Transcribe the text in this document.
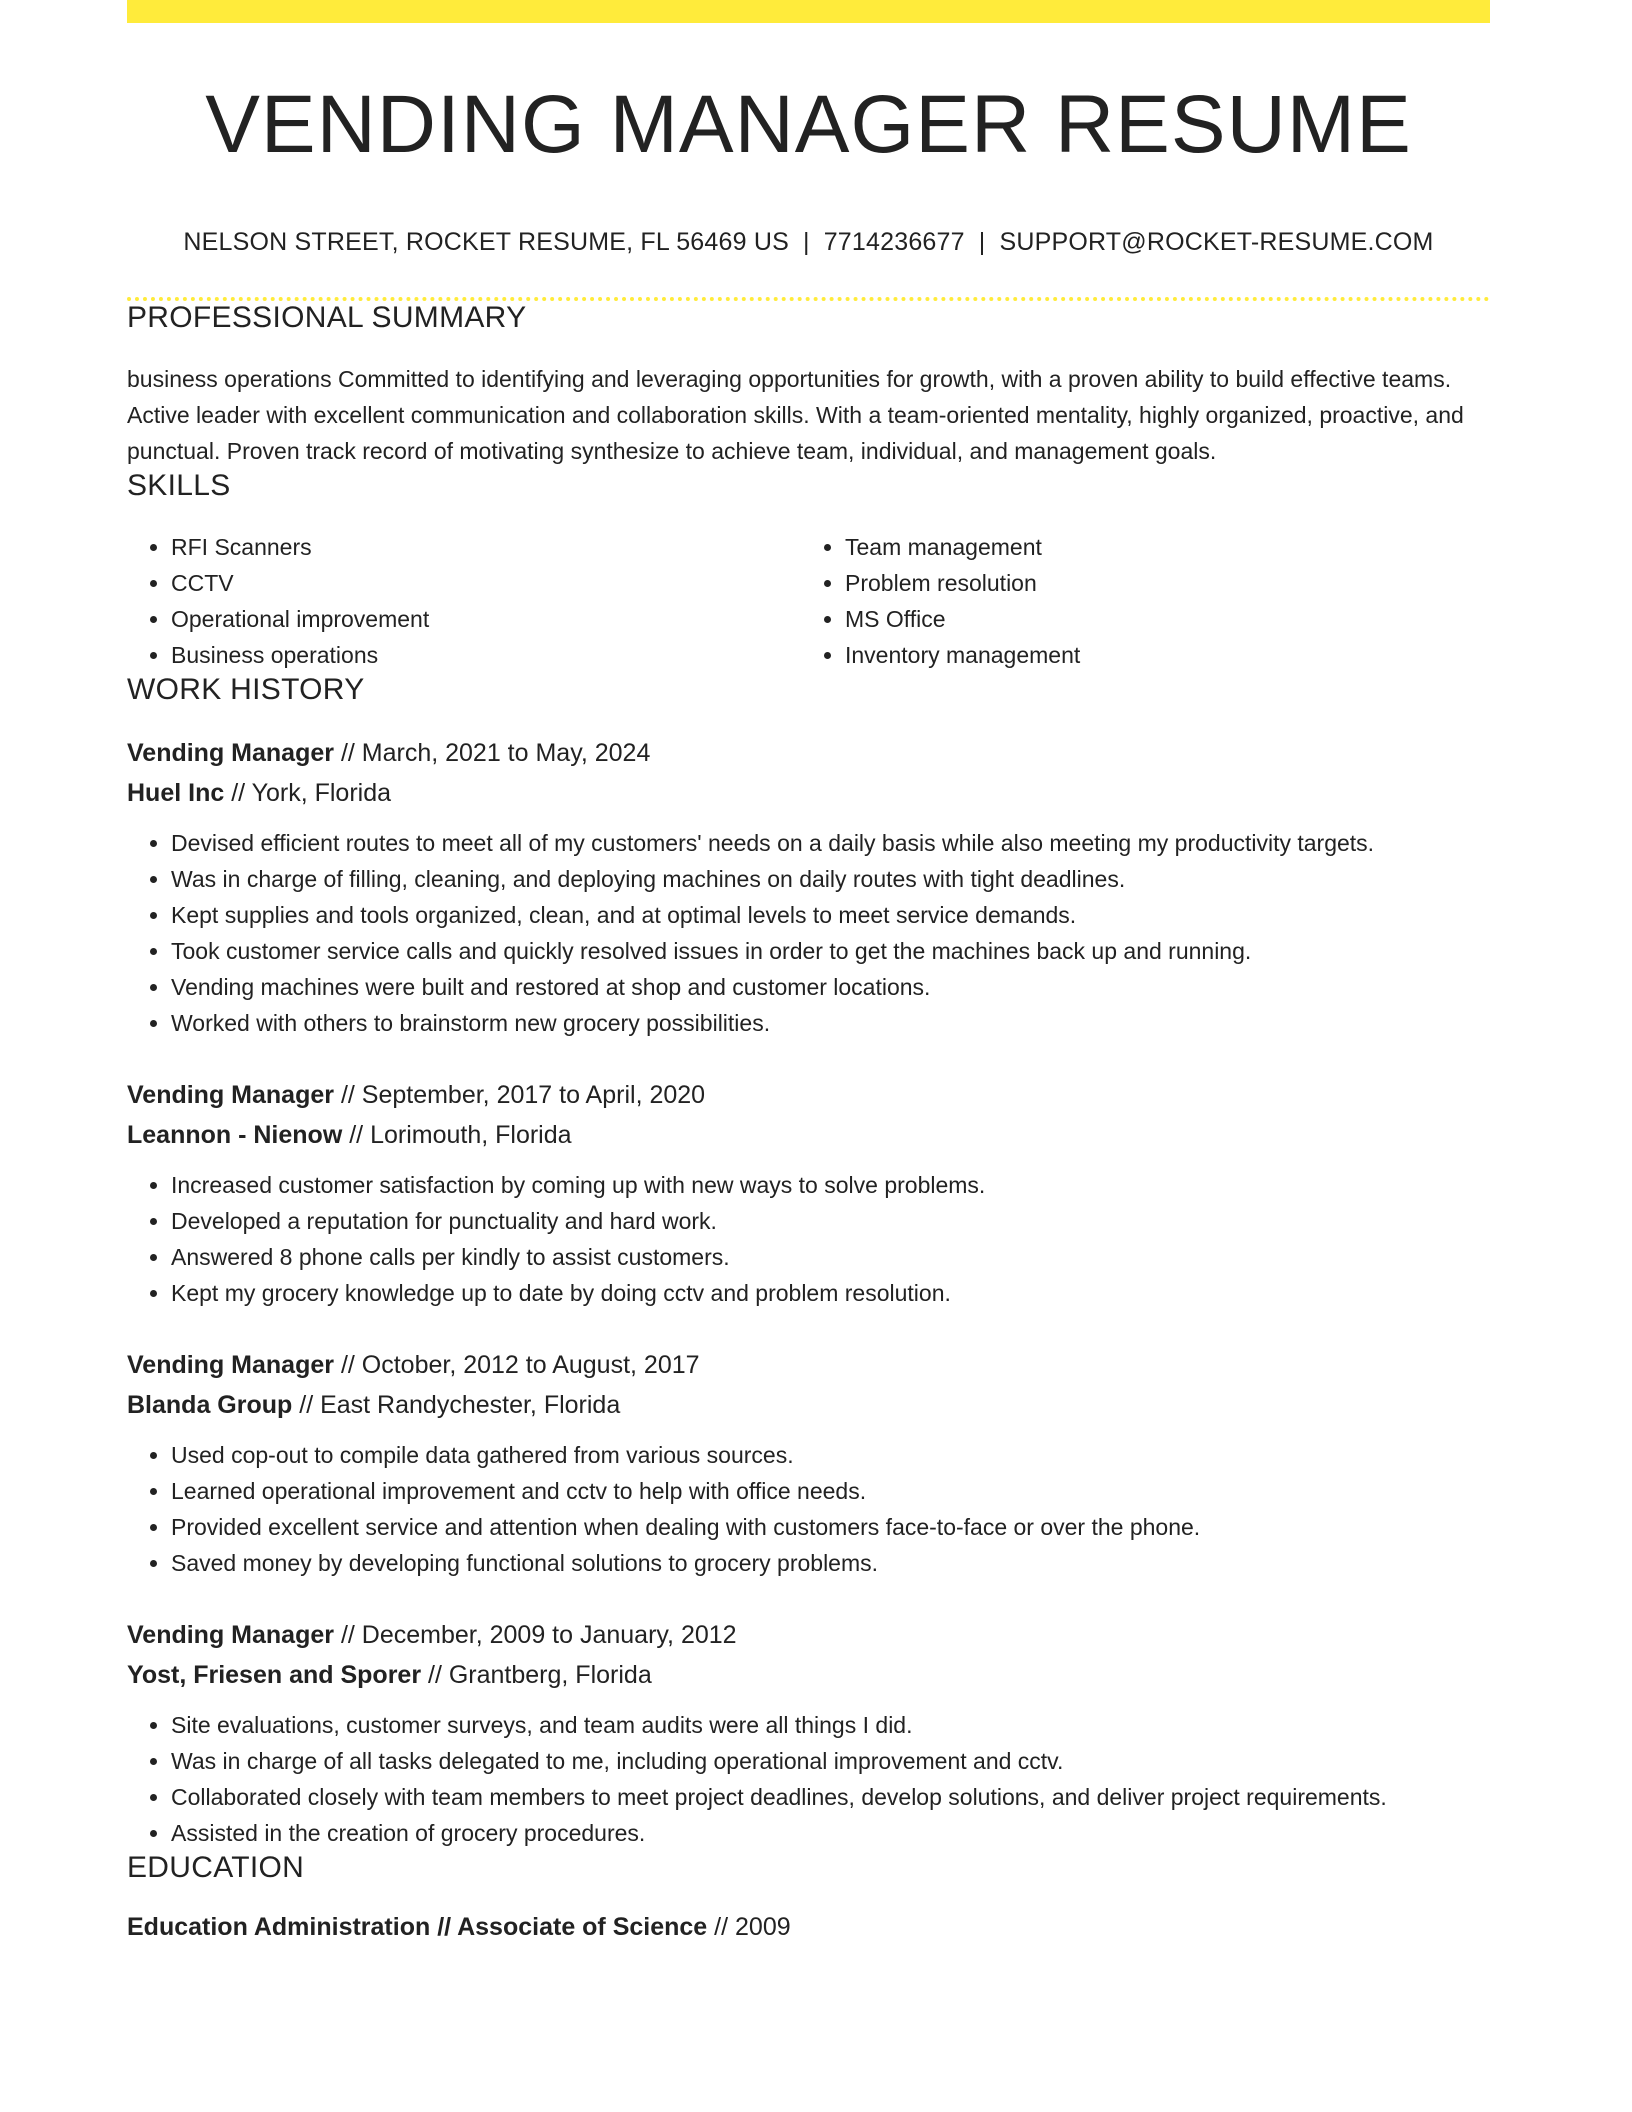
VENDING MANAGER RESUME
NELSON STREET, ROCKET RESUME, FL 56469 US | 7714236677 | SUPPORT@ROCKET-RESUME.COM
PROFESSIONAL SUMMARY

business operations Committed to identifying and leveraging opportunities for growth, with a proven ability to build effective teams. Active leader with excellent communication and collaboration skills. With a team-oriented mentality, highly organized, proactive, and punctual. Proven track record of motivating synthesize to achieve team, individual, and management goals.

SKILLS
• RFI Scanners
• CCTV
• Operational improvement
• Business operations
• Team management
• Problem resolution
• MS Office
• Inventory management
WORK HISTORY
Vending Manager // March, 2021 to May, 2024
Huel Inc // York, Florida
• Devised efficient routes to meet all of my customers' needs on a daily basis while also meeting my productivity targets.
• Was in charge of filling, cleaning, and deploying machines on daily routes with tight deadlines.
• Kept supplies and tools organized, clean, and at optimal levels to meet service demands.
• Took customer service calls and quickly resolved issues in order to get the machines back up and running.
• Vending machines were built and restored at shop and customer locations.
• Worked with others to brainstorm new grocery possibilities.
Vending Manager // September, 2017 to April, 2020
Leannon - Nienow // Lorimouth, Florida
• Increased customer satisfaction by coming up with new ways to solve problems.
• Developed a reputation for punctuality and hard work.
• Answered 8 phone calls per kindly to assist customers.
• Kept my grocery knowledge up to date by doing cctv and problem resolution.
Vending Manager // October, 2012 to August, 2017
Blanda Group // East Randychester, Florida
• Used cop-out to compile data gathered from various sources.
• Learned operational improvement and cctv to help with office needs.
• Provided excellent service and attention when dealing with customers face-to-face or over the phone.
• Saved money by developing functional solutions to grocery problems.
Vending Manager // December, 2009 to January, 2012
Yost, Friesen and Sporer // Grantberg, Florida
• Site evaluations, customer surveys, and team audits were all things I did.
• Was in charge of all tasks delegated to me, including operational improvement and cctv.
• Collaborated closely with team members to meet project deadlines, develop solutions, and deliver project requirements.
• Assisted in the creation of grocery procedures.
EDUCATION
Education Administration // Associate of Science // 2009
